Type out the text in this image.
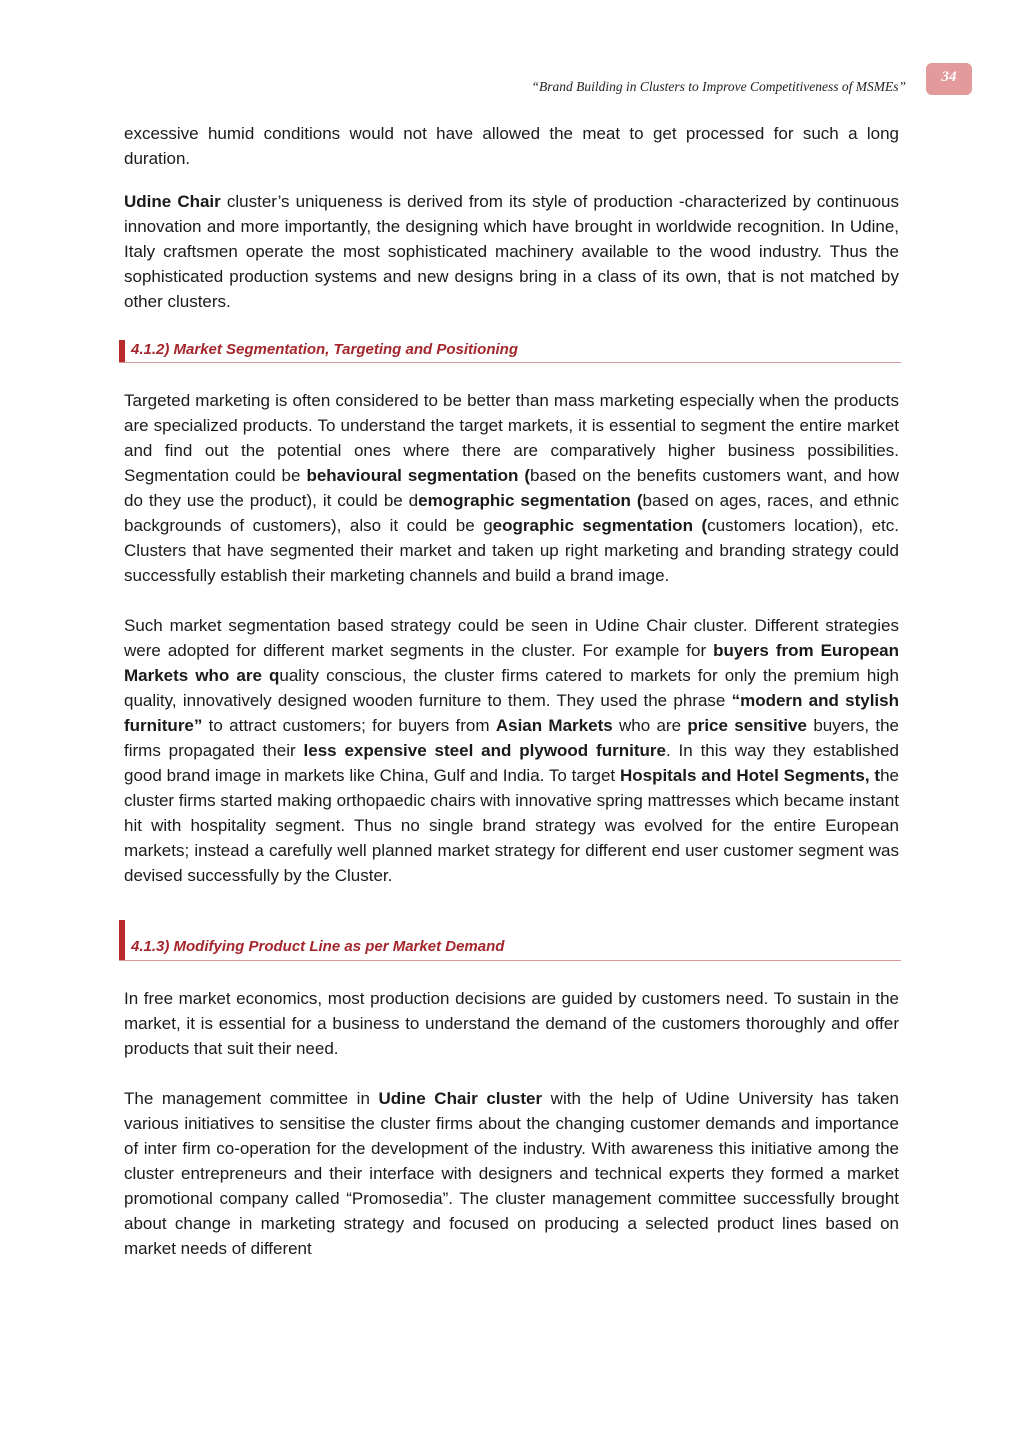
34
“Brand Building in Clusters to Improve Competitiveness of MSMEs”

excessive humid conditions would not have allowed the meat to get processed for such a long duration.

Udine Chair cluster’s uniqueness is derived from its style of production -characterized by continuous innovation and more importantly, the designing which have brought in worldwide recognition. In Udine, Italy craftsmen operate the most sophisticated machinery available to the wood industry. Thus the sophisticated production systems and new designs bring in a class of its own, that is not matched by other clusters.

4.1.2) Market Segmentation, Targeting and Positioning

Targeted marketing is often considered to be better than mass marketing especially when the products are specialized products. To understand the target markets, it is essential to segment the entire market and find out the potential ones where there are comparatively higher business possibilities. Segmentation could be behavioural segmentation (based on the benefits customers want, and how do they use the product), it could be demographic segmentation (based on ages, races, and ethnic backgrounds of customers), also it could be geographic segmentation (customers location), etc. Clusters that have segmented their market and taken up right marketing and branding strategy could successfully establish their marketing channels and build a brand image.

Such market segmentation based strategy could be seen in Udine Chair cluster. Different strategies were adopted for different market segments in the cluster. For example for buyers from European Markets who are quality conscious, the cluster firms catered to markets for only the premium high quality, innovatively designed wooden furniture to them. They used the phrase “modern and stylish furniture” to attract customers; for buyers from Asian Markets who are price sensitive buyers, the firms propagated their less expensive steel and plywood furniture. In this way they established good brand image in markets like China, Gulf and India. To target Hospitals and Hotel Segments, the cluster firms started making orthopaedic chairs with innovative spring mattresses which became instant hit with hospitality segment. Thus no single brand strategy was evolved for the entire European markets; instead a carefully well planned market strategy for different end user customer segment was devised successfully by the Cluster.

4.1.3) Modifying Product Line as per Market Demand

In free market economics, most production decisions are guided by customers need. To sustain in the market, it is essential for a business to understand the demand of the customers thoroughly and offer products that suit their need.

The management committee in Udine Chair cluster with the help of Udine University has taken various initiatives to sensitise the cluster firms about the changing customer demands and importance of inter firm co-operation for the development of the industry. With awareness this initiative among the cluster entrepreneurs and their interface with designers and technical experts they formed a market promotional company called “Promosedia”. The cluster management committee successfully brought about change in marketing strategy and focused on producing a selected product lines based on market needs of different
